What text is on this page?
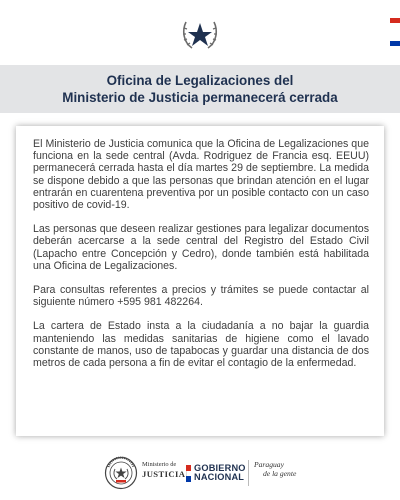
Oficina de Legalizaciones del
Ministerio de Justicia permanecerá cerrada

El Ministerio de Justicia comunica que la Oficina de Legalizaciones que funciona en la sede central (Avda. Rodriguez de Francia esq. EEUU) permanecerá cerrada hasta el día martes 29 de septiembre. La medida se dispone debido a que las personas que brindan atención en el lugar entrarán en cuarentena preventiva por un posible contacto con un caso positivo de covid-19.

Las personas que deseen realizar gestiones para legalizar documentos deberán acercarse a la sede central del Registro del Estado Civil (Lapacho entre Concepción y Cedro), donde también está habilitada una Oficina de Legalizaciones.

Para consultas referentes a precios y trámites se puede contactar al siguiente número +595 981 482264.

La cartera de Estado insta a la ciudadanía a no bajar la guardia manteniendo las medidas sanitarias de higiene como el lavado constante de manos, uso de tapabocas y guardar una distancia de dos metros de cada persona a fin de evitar el contagio de la enfermedad.

Ministerio de
JUSTICIA
GOBIERNO
NACIONAL
Paraguay
de la gente
